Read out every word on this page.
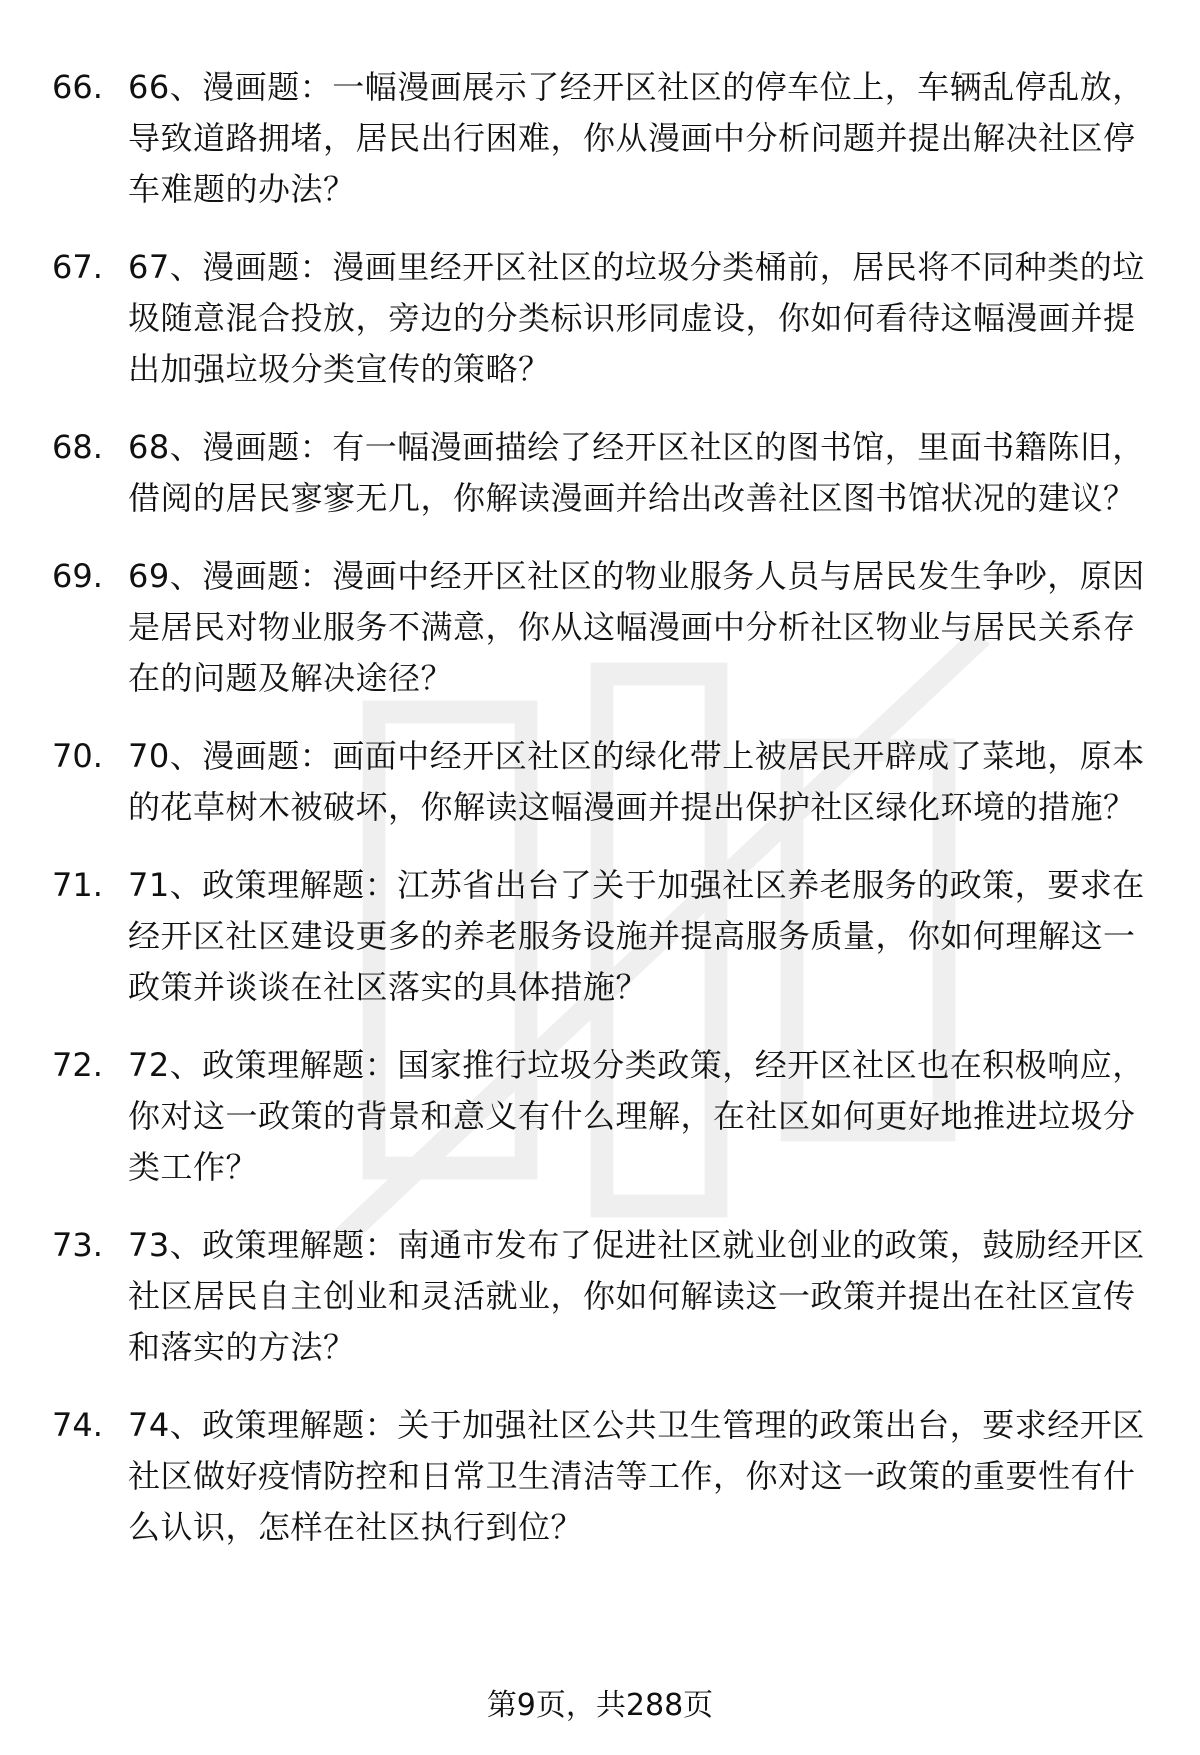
66. 66、漫画题：一幅漫画展示了经开区社区的停车位上，车辆乱停乱放，导致道路拥堵，居民出行困难，你从漫画中分析问题并提出解决社区停车难题的办法？
67. 67、漫画题：漫画里经开区社区的垃圾分类桶前，居民将不同种类的垃圾随意混合投放，旁边的分类标识形同虚设，你如何看待这幅漫画并提出加强垃圾分类宣传的策略？
68. 68、漫画题：有一幅漫画描绘了经开区社区的图书馆，里面书籍陈旧，借阅的居民寥寥无几，你解读漫画并给出改善社区图书馆状况的建议？
69. 69、漫画题：漫画中经开区社区的物业服务人员与居民发生争吵，原因是居民对物业服务不满意，你从这幅漫画中分析社区物业与居民关系存在的问题及解决途径？
70. 70、漫画题：画面中经开区社区的绿化带上被居民开辟成了菜地，原本的花草树木被破坏，你解读这幅漫画并提出保护社区绿化环境的措施？
71. 71、政策理解题：江苏省出台了关于加强社区养老服务的政策，要求在经开区社区建设更多的养老服务设施并提高服务质量，你如何理解这一政策并谈谈在社区落实的具体措施？
72. 72、政策理解题：国家推行垃圾分类政策，经开区社区也在积极响应，你对这一政策的背景和意义有什么理解，在社区如何更好地推进垃圾分类工作？
73. 73、政策理解题：南通市发布了促进社区就业创业的政策，鼓励经开区社区居民自主创业和灵活就业，你如何解读这一政策并提出在社区宣传和落实的方法？
74. 74、政策理解题：关于加强社区公共卫生管理的政策出台，要求经开区社区做好疫情防控和日常卫生清洁等工作，你对这一政策的重要性有什么认识，怎样在社区执行到位？
第9页，共288页
